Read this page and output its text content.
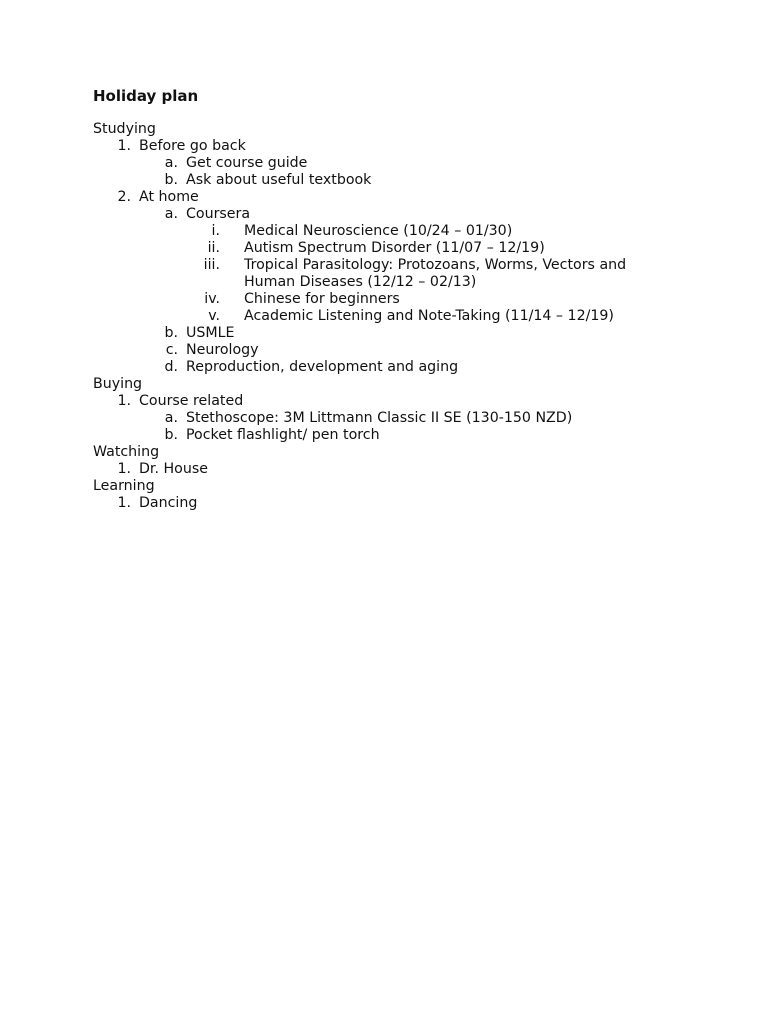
Holiday plan
Studying
1. Before go back
a. Get course guide
b. Ask about useful textbook
2. At home
a. Coursera
i. Medical Neuroscience (10/24 – 01/30)
ii. Autism Spectrum Disorder (11/07 – 12/19)
iii. Tropical Parasitology: Protozoans, Worms, Vectors and
Human Diseases (12/12 – 02/13)
iv. Chinese for beginners
v. Academic Listening and Note-Taking (11/14 – 12/19)
b. USMLE
c. Neurology
d. Reproduction, development and aging
Buying
1. Course related
a. Stethoscope: 3M Littmann Classic II SE (130-150 NZD)
b. Pocket flashlight/ pen torch
Watching
1. Dr. House
Learning
1. Dancing
